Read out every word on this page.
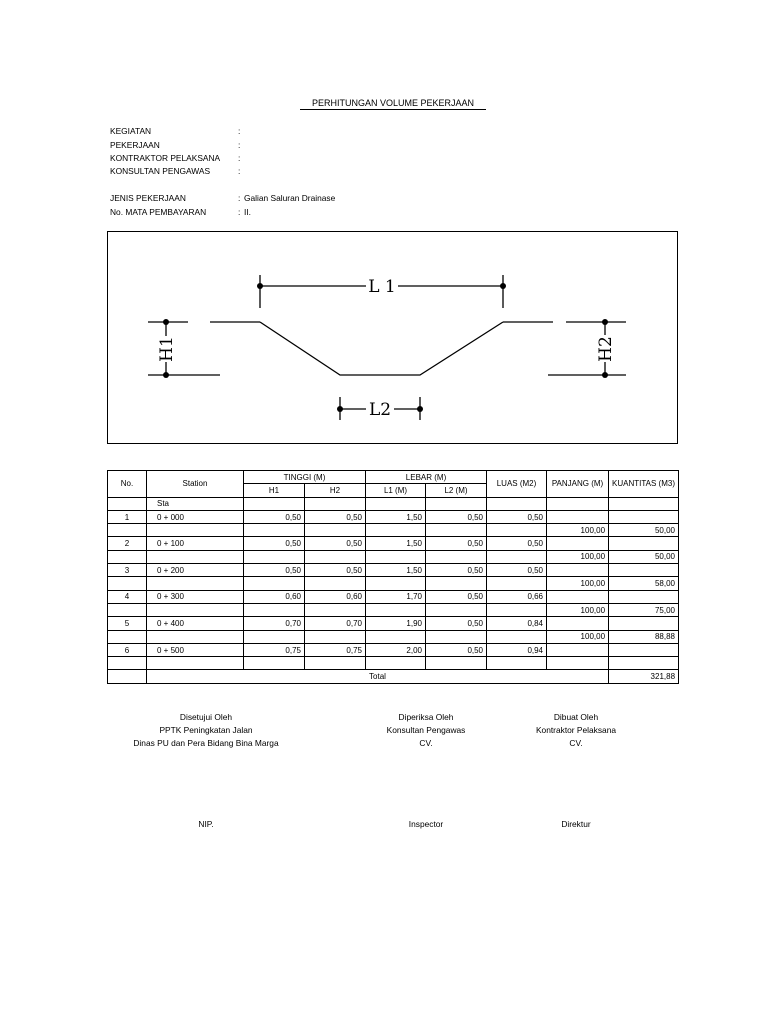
PERHITUNGAN VOLUME PEKERJAAN
KEGIATAN	:
PEKERJAAN	:
KONTRAKTOR PELAKSANA	:
KONSULTAN PENGAWAS	:
JENIS PEKERJAAN	: Galian Saluran Drainase
No. MATA PEMBAYARAN	: II.
L 1
L2
H1	H2
No.	Station	TINGGI (M)		LEBAR (M)		LUAS (M2)	PANJANG (M)	KUANTITAS (M3)
		H1	H2	L1 (M)	L2 (M)			
	Sta							
1	0 + 000	0,50	0,50	1,50	0,50	0,50		
							100,00	50,00
2	0 + 100	0,50	0,50	1,50	0,50	0,50		
							100,00	50,00
3	0 + 200	0,50	0,50	1,50	0,50	0,50		
							100,00	58,00
4	0 + 300	0,60	0,60	1,70	0,50	0,66		
							100,00	75,00
5	0 + 400	0,70	0,70	1,90	0,50	0,84		
							100,00	88,88
6	0 + 500	0,75	0,75	2,00	0,50	0,94		

	Total							321,88
Disetujui Oleh
PPTK Peningkatan Jalan
Dinas PU dan Pera Bidang Bina Marga
Diperiksa Oleh
Konsultan Pengawas
CV.
Dibuat Oleh
Kontraktor Pelaksana
CV.
NIP.	Inspector	Direktur
